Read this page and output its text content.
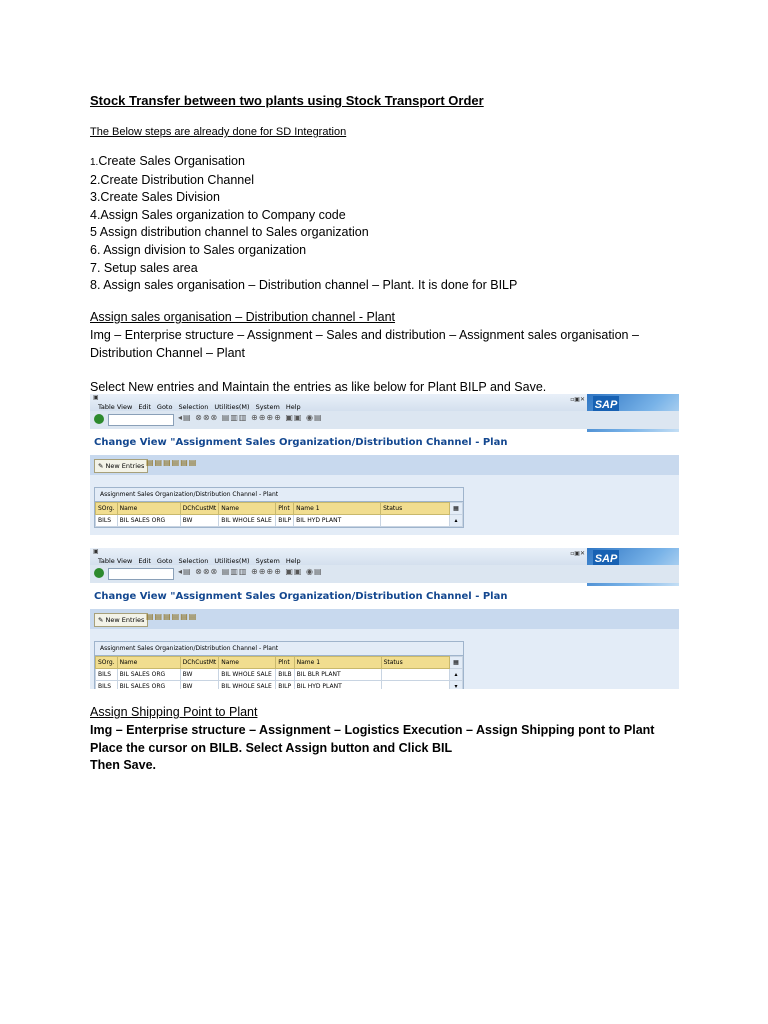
Stock Transfer between two plants using Stock Transport Order
The Below steps are already done for SD Integration
1.Create Sales Organisation
2.Create Distribution Channel
3.Create Sales Division
4.Assign Sales organization to Company code
5 Assign distribution channel to Sales organization
6. Assign division to Sales organization
7. Setup sales area
8. Assign sales organisation – Distribution channel – Plant. It is done for BILP
Assign sales organisation – Distribution channel - Plant
Img – Enterprise structure – Assignment – Sales and distribution – Assignment sales organisation –
Distribution Channel – Plant
Select New entries and Maintain the entries as like below for Plant BILP and Save.
▣
Table View Edit Goto Selection Utilities(M) System Help	SAP
▫▣✕
◂▤ ⊗⊗⊗ ▤▥▥ ⊕⊕⊕⊕ ▣▣ ◉▤
Change View "Assignment Sales Organization/Distribution Channel - Plan
✎ New Entries ▤▤▤▤▤▤
Assignment Sales Organization/Distribution Channel - Plant
SOrg.	Name	DChCustMt	Name	Plnt	Name 1	Status	▦
BILS	BIL SALES ORG	BW	BIL WHOLE SALE	BILP	BIL HYD PLANT		▴
▣
Table View Edit Goto Selection Utilities(M) System Help	SAP
▫▣✕
◂▤ ⊗⊗⊗ ▤▥▥ ⊕⊕⊕⊕ ▣▣ ◉▤
Change View "Assignment Sales Organization/Distribution Channel - Plan
✎ New Entries ▤▤▤▤▤▤
Assignment Sales Organization/Distribution Channel - Plant
SOrg.	Name	DChCustMt	Name	Plnt	Name 1	Status	▦
BILS	BIL SALES ORG	BW	BIL WHOLE SALE	BILB	BIL BLR PLANT		▴
BILS	BIL SALES ORG	BW	BIL WHOLE SALE	BILP	BIL HYD PLANT		▾
Assign Shipping Point to Plant
Img – Enterprise structure – Assignment – Logistics Execution – Assign Shipping pont to Plant
Place the cursor on BILB. Select Assign button and Click BIL
Then Save.
